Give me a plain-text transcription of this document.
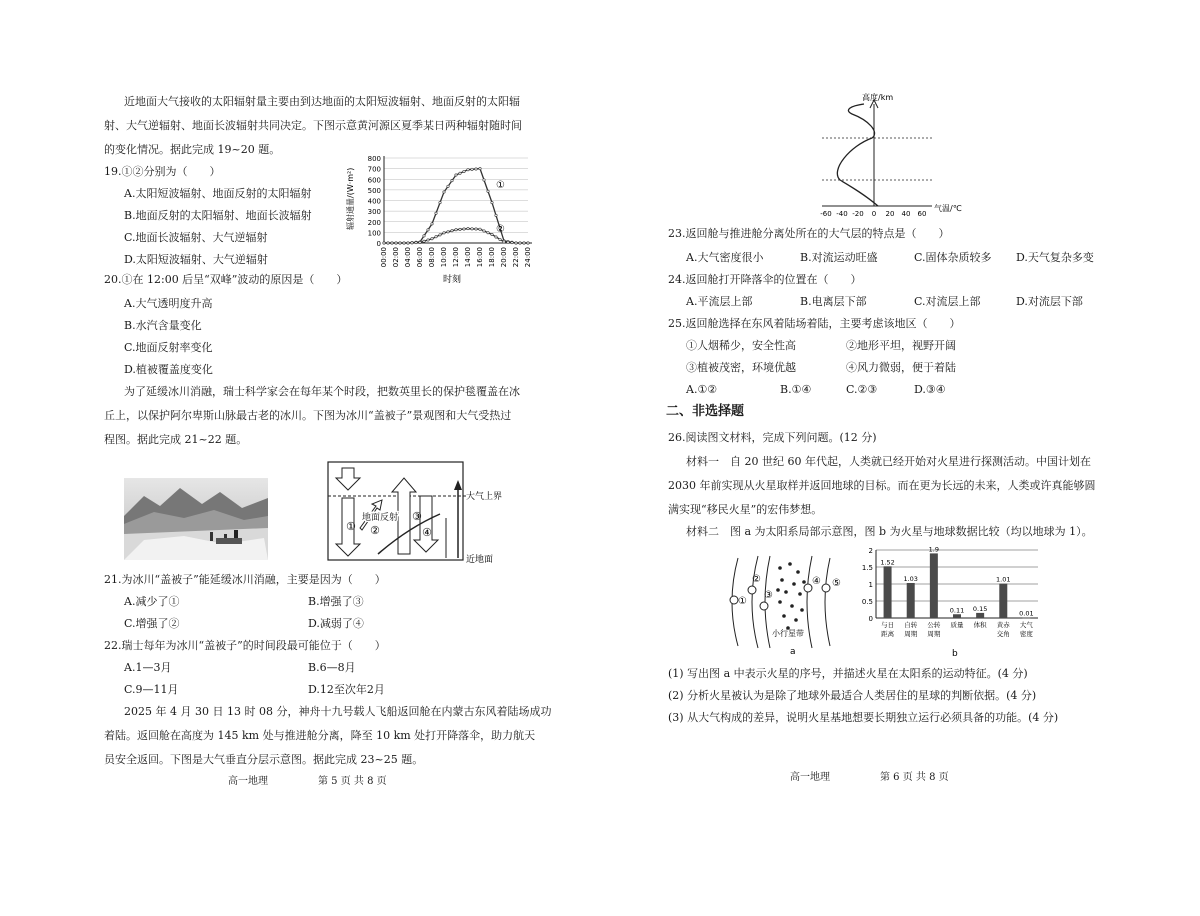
近地面大气接收的太阳辐射量主要由到达地面的太阳短波辐射、地面反射的太阳辐
射、大气逆辐射、地面长波辐射共同决定。下图示意黄河源区夏季某日两种辐射随时间
的变化情况。据此完成 19~20 题。
19.①②分别为（　　）
A.太阳短波辐射、地面反射的太阳辐射
B.地面反射的太阳辐射、地面长波辐射
C.地面长波辐射、大气逆辐射
D.太阳短波辐射、大气逆辐射
0
100
200
300
400
500
600
700
800
00:00 02:00 04:00 06:00 08:00 10:00 12:00 14:00 16:00 18:00 20:00 22:00 24:00
①
②
辐射通量/(W·m²)
时刻
20.①在 12:00 后呈“双峰”波动的原因是（　　）
A.大气透明度升高
B.水汽含量变化
C.地面反射率变化
D.植被覆盖度变化
为了延缓冰川消融，瑞士科学家会在每年某个时段，把数英里长的保护毯覆盖在冰
丘上，以保护阿尔卑斯山脉最古老的冰川。下图为冰川“盖被子”景观图和大气受热过
程图。据此完成 21~22 题。
① ②
③
④
地面反射
大气上界
近地面
21.为冰川“盖被子”能延缓冰川消融，主要是因为（　　）
A.减少了①	B.增强了③
C.增强了②	D.减弱了④
22.瑞士每年为冰川“盖被子”的时间段最可能位于（　　）
A.1—3月	B.6—8月
C.9—11月	D.12至次年2月
2025 年 4 月 30 日 13 时 08 分，神舟十九号载人飞船返回舱在内蒙古东风着陆场成功
着陆。返回舱在高度为 145 km 处与推进舱分离，降至 10 km 处打开降落伞，助力航天
员安全返回。下图是大气垂直分层示意图。据此完成 23~25 题。
高一地理	第 5 页 共 8 页
-60 -40 -20 0 20 40 60
高度/km
气温/℃
23.返回舱与推进舱分离处所在的大气层的特点是（　　）
A.大气密度很小	B.对流运动旺盛	C.固体杂质较多 D.天气复杂多变
24.返回舱打开降落伞的位置在（　　）
A.平流层上部	B.电离层下部	C.对流层上部	D.对流层下部
25.返回舱选择在东风着陆场着陆，主要考虑该地区（　　）
①人烟稀少，安全性高	②地形平坦，视野开阔
③植被茂密，环境优越	④风力微弱，便于着陆
A.①②	B.①④	C.②③	D.③④
二、非选择题
26.阅读图文材料，完成下列问题。(12 分)
材料一　自 20 世纪 60 年代起，人类就已经开始对火星进行探测活动。中国计划在
2030 年前实现从火星取样并返回地球的目标。而在更为长远的未来，人类或许真能够圆
满实现“移民火星”的宏伟梦想。
材料二　图 a 为太阳系局部示意图，图 b 为火星与地球数据比较（均以地球为 1）。
①
②
③
④ ⑤
小行星带
a
0
0.5
1
1.5
2
1.52
1.03
1.9
0.11 0.15
1.01
0.01
与日
距离
自转
周期
公转
周期
质量 体积 黄赤
交角
大气
密度
b
(1) 写出图 a 中表示火星的序号，并描述火星在太阳系的运动特征。(4 分)
(2) 分析火星被认为是除了地球外最适合人类居住的星球的判断依据。(4 分)
(3) 从大气构成的差异，说明火星基地想要长期独立运行必须具备的功能。(4 分)
高一地理	第 6 页 共 8 页
